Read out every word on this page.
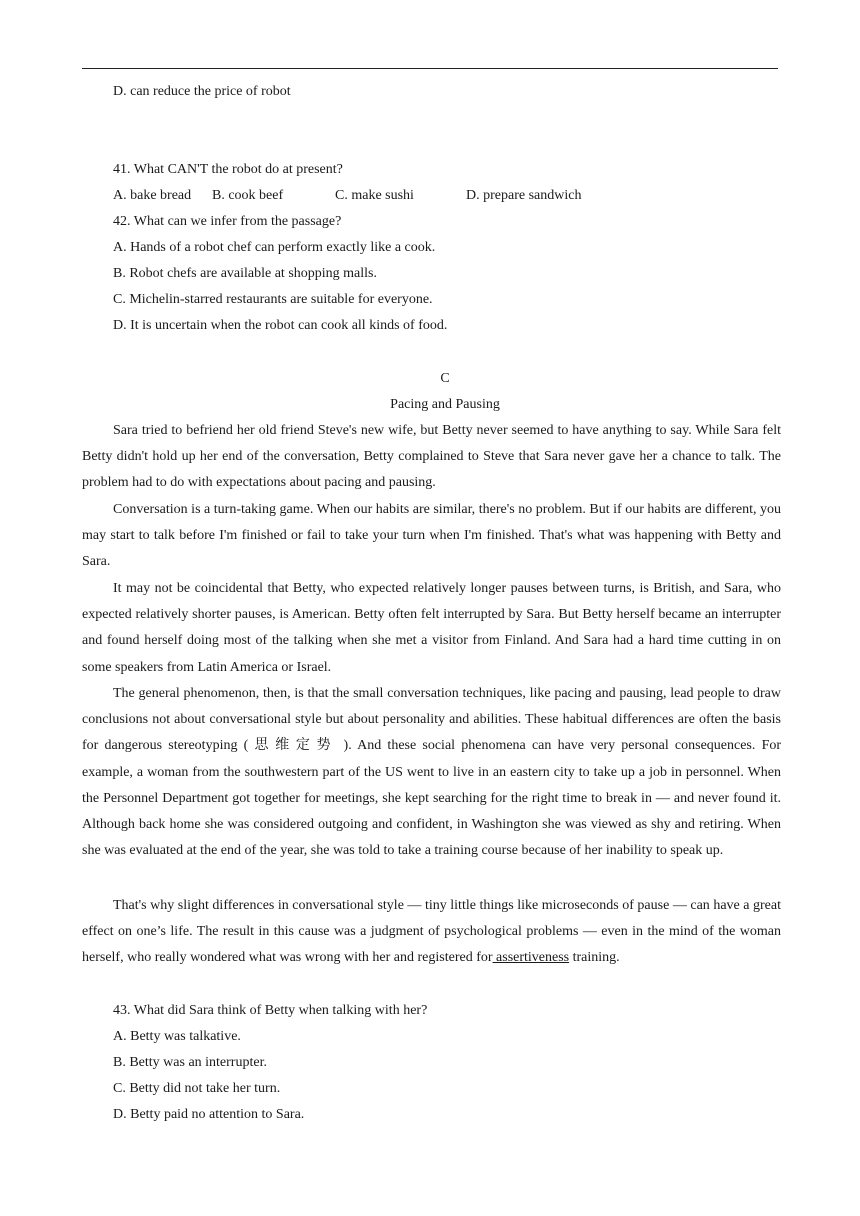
D. can reduce the price of robot
41. What CAN'T the robot do at present?
A. bake bread B. cook beef	C. make sushi	D. prepare sandwich
42. What can we infer from the passage?
A. Hands of a robot chef can perform exactly like a cook.
B. Robot chefs are available at shopping malls.
C. Michelin-starred restaurants are suitable for everyone.
D. It is uncertain when the robot can cook all kinds of food.
C
Pacing and Pausing

Sara tried to befriend her old friend Steve's new wife, but Betty never seemed to have anything to say. While Sara felt Betty didn't hold up her end of the conversation, Betty complained to Steve that Sara never gave her a chance to talk. The problem had to do with expectations about pacing and pausing.

Conversation is a turn-taking game. When our habits are similar, there's no problem. But if our habits are different, you may start to talk before I'm finished or fail to take your turn when I'm finished. That's what was happening with Betty and Sara.

It may not be coincidental that Betty, who expected relatively longer pauses between turns, is British, and Sara, who expected relatively shorter pauses, is American. Betty often felt interrupted by Sara. But Betty herself became an interrupter and found herself doing most of the talking when she met a visitor from Finland. And Sara had a hard time cutting in on some speakers from Latin America or Israel.

The general phenomenon, then, is that the small conversation techniques, like pacing and pausing, lead people to draw conclusions not about conversational style but about personality and abilities. These habitual differences are often the basis for dangerous stereotyping ( 思维定势 ). And these social phenomena can have very personal consequences. For example, a woman from the southwestern part of the US went to live in an eastern city to take up a job in personnel. When the Personnel Department got together for meetings, she kept searching for the right time to break in — and never found it. Although back home she was considered outgoing and confident, in Washington she was viewed as shy and retiring. When she was evaluated at the end of the year, she was told to take a training course because of her inability to speak up.

That's why slight differences in conversational style — tiny little things like microseconds of pause — can have a great effect on one’s life. The result in this cause was a judgment of psychological problems — even in the mind of the woman herself, who really wondered what was wrong with her and registered for assertiveness training.

43. What did Sara think of Betty when talking with her?
A. Betty was talkative.
B. Betty was an interrupter.
C. Betty did not take her turn.
D. Betty paid no attention to Sara.
